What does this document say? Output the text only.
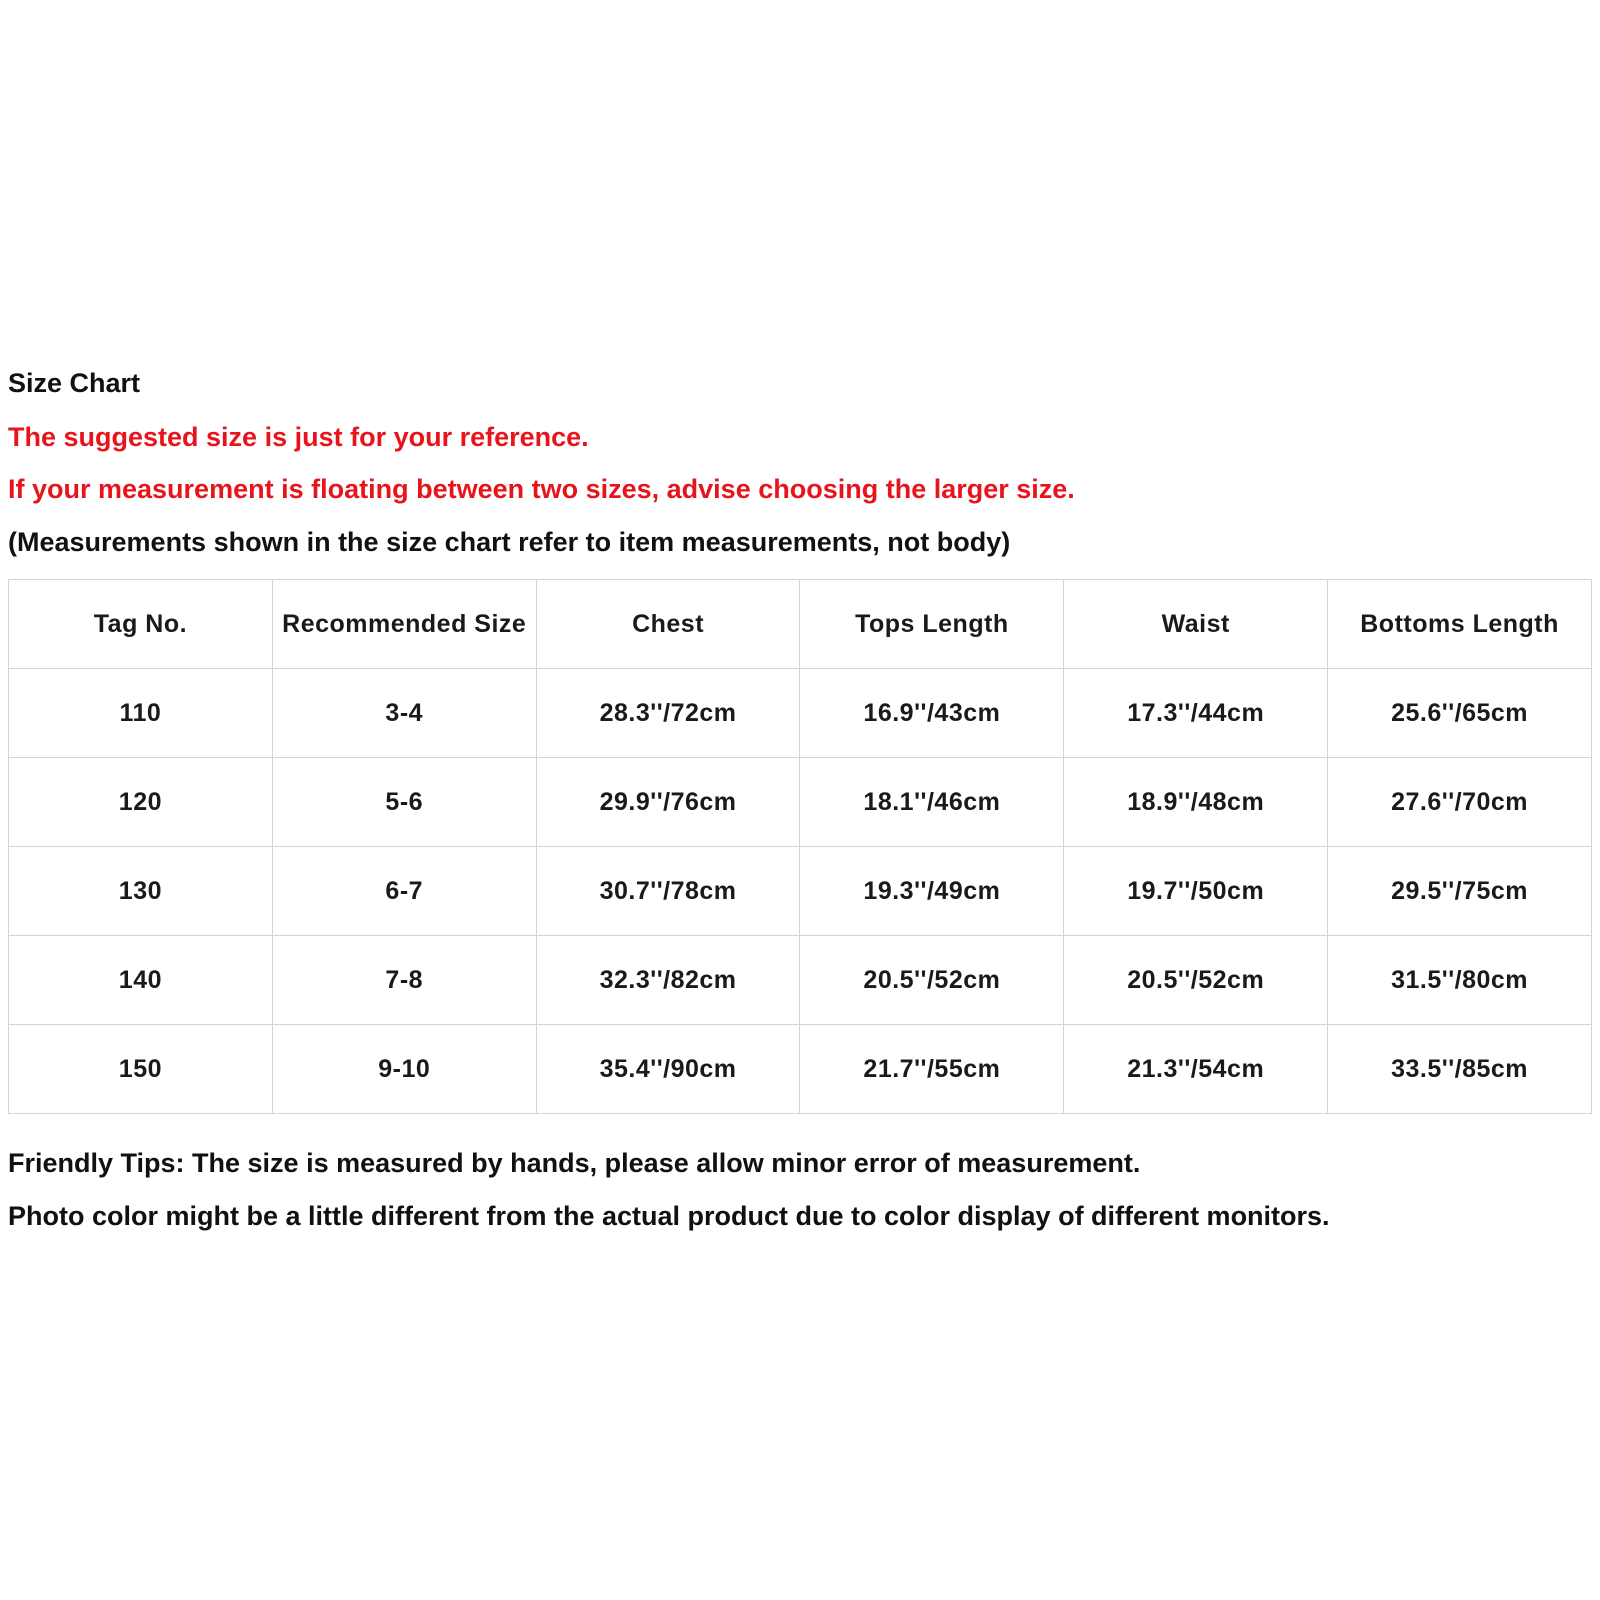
Size Chart

The suggested size is just for your reference.

If your measurement is floating between two sizes, advise choosing the larger size.

(Measurements shown in the size chart refer to item measurements, not body)

Tag No.	Recommended Size	Chest	Tops Length	Waist	Bottoms Length
110	3-4	28.3''/72cm	16.9''/43cm	17.3''/44cm	25.6''/65cm
120	5-6	29.9''/76cm	18.1''/46cm	18.9''/48cm	27.6''/70cm
130	6-7	30.7''/78cm	19.3''/49cm	19.7''/50cm	29.5''/75cm
140	7-8	32.3''/82cm	20.5''/52cm	20.5''/52cm	31.5''/80cm
150	9-10	35.4''/90cm	21.7''/55cm	21.3''/54cm	33.5''/85cm

Friendly Tips: The size is measured by hands, please allow minor error of measurement.

Photo color might be a little different from the actual product due to color display of different monitors.
